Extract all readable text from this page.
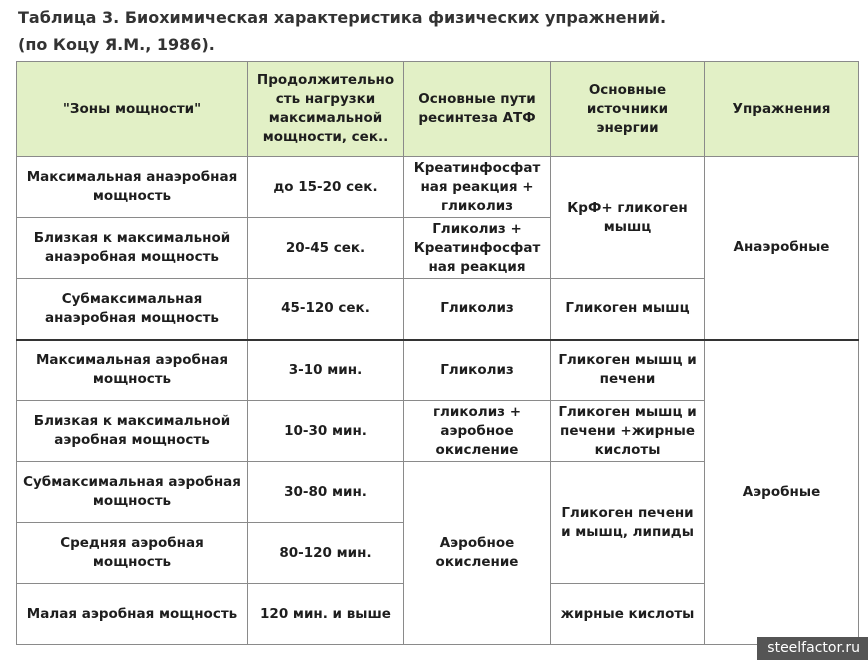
Таблица 3. Биохимическая характеристика физических упражнений.
(по Коцу Я.М., 1986).
"Зоны мощности"	Продолжительно сть нагрузки максимальной мощности, сек..	Основные пути ресинтеза АТФ	Основные источники энергии	Упражнения
Максимальная анаэробная мощность	до 15-20 сек.	Креатинфосфат ная реакция + гликолиз	КрФ+ гликоген мышц	Анаэробные
Близкая к максимальной анаэробная мощность	20-45 сек.	Гликолиз + Креатинфосфат ная реакция		
Субмаксимальная анаэробная мощность	45-120 сек.	Гликолиз	Гликоген мышц	
Максимальная аэробная мощность	3-10 мин.	Гликолиз	Гликоген мышц и печени	Аэробные
Близкая к максимальной аэробная мощность	10-30 мин.	гликолиз + аэробное окисление	Гликоген мышц и печени +жирные кислоты	
Субмаксимальная аэробная мощность	30-80 мин.	Аэробное окисление	Гликоген печени и мышц, липиды	
Средняя аэробная мощность	80-120 мин.			
Малая аэробная мощность	120 мин. и выше		жирные кислоты	
steelfactor.ru
